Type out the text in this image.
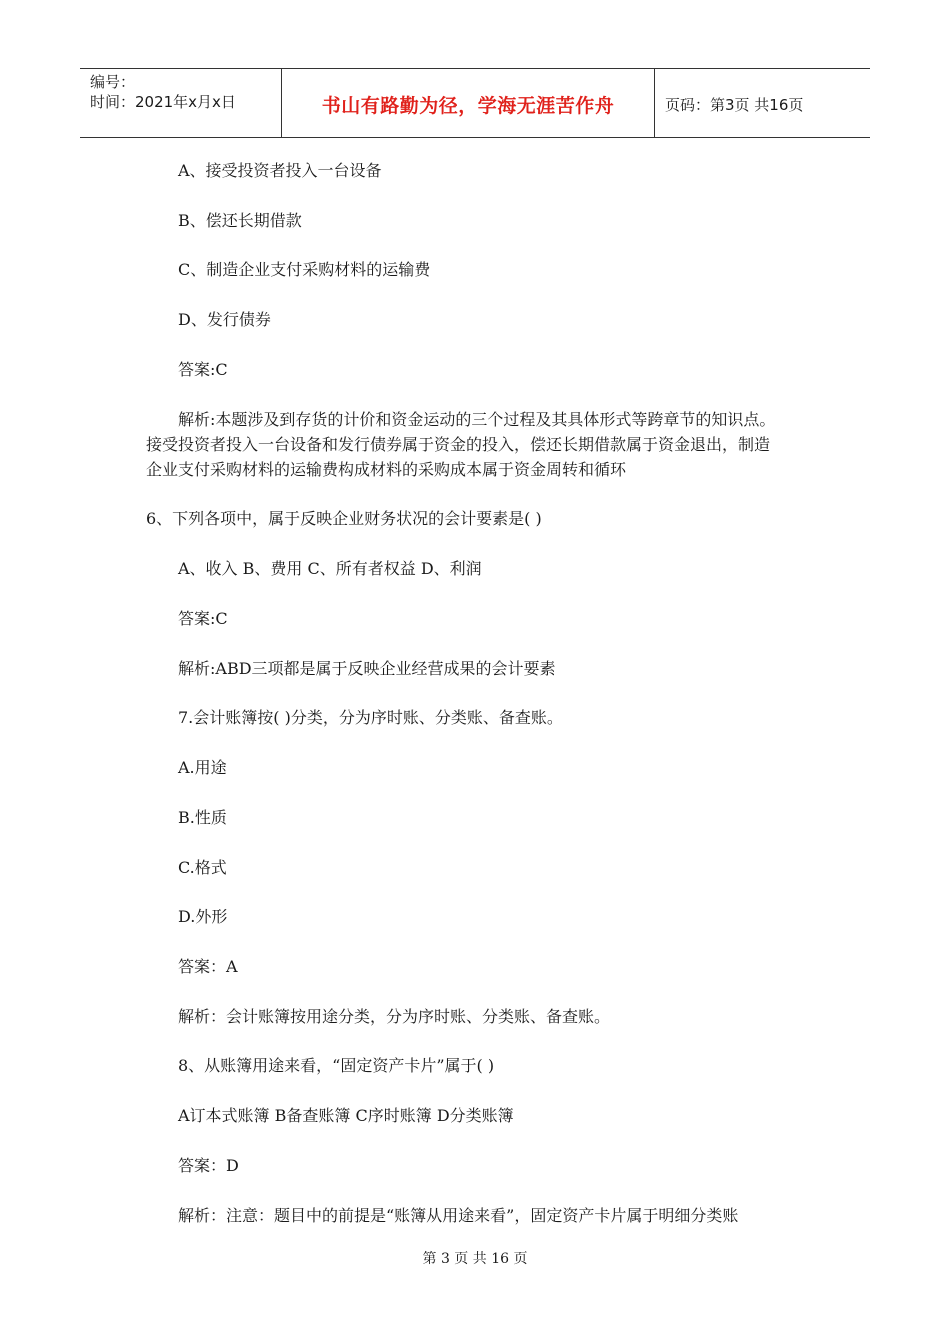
编号：
时间：2021年x月x日	书山有路勤为径，学海无涯苦作舟	页码：第3页 共16页
A、接受投资者投入一台设备
B、偿还长期借款
C、制造企业支付采购材料的运输费
D、发行债券
答案:C
解析:本题涉及到存货的计价和资金运动的三个过程及其具体形式等跨章节的知识点。
接受投资者投入一台设备和发行债券属于资金的投入，偿还长期借款属于资金退出，制造
企业支付采购材料的运输费构成材料的采购成本属于资金周转和循环
6、下列各项中，属于反映企业财务状况的会计要素是( )
A、收入 B、费用 C、所有者权益 D、利润
答案:C
解析:ABD三项都是属于反映企业经营成果的会计要素
7.会计账簿按( )分类，分为序时账、分类账、备查账。
A.用途
B.性质
C.格式
D.外形
答案：A
解析：会计账簿按用途分类，分为序时账、分类账、备查账。
8、从账簿用途来看，“固定资产卡片”属于( )
A订本式账簿 B备查账簿 C序时账簿 D分类账簿
答案：D
解析：注意：题目中的前提是“账簿从用途来看”，固定资产卡片属于明细分类账
第 3 页 共 16 页
